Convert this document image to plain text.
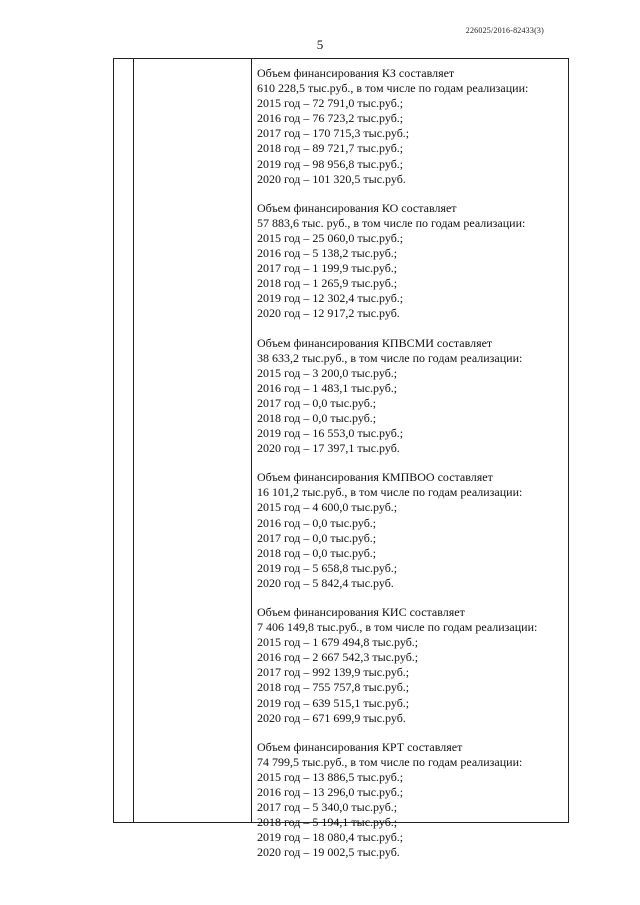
226025/2016-82433(3)
5
Объем финансирования КЗ составляет
610 228,5 тыс.руб., в том числе по годам реализации:
2015 год – 72 791,0 тыс.руб.;
2016 год – 76 723,2 тыс.руб.;
2017 год – 170 715,3 тыс.руб.;
2018 год – 89 721,7 тыс.руб.;
2019 год – 98 956,8 тыс.руб.;
2020 год – 101 320,5 тыс.руб.
Объем финансирования КО составляет
57 883,6 тыс. руб., в том числе по годам реализации:
2015 год – 25 060,0 тыс.руб.;
2016 год – 5 138,2 тыс.руб.;
2017 год – 1 199,9 тыс.руб.;
2018 год – 1 265,9 тыс.руб.;
2019 год – 12 302,4 тыс.руб.;
2020 год – 12 917,2 тыс.руб.
Объем финансирования КПВСМИ составляет
38 633,2 тыс.руб., в том числе по годам реализации:
2015 год – 3 200,0 тыс.руб.;
2016 год – 1 483,1 тыс.руб.;
2017 год – 0,0 тыс.руб.;
2018 год – 0,0 тыс.руб.;
2019 год – 16 553,0 тыс.руб.;
2020 год – 17 397,1 тыс.руб.
Объем финансирования КМПВОО составляет
16 101,2 тыс.руб., в том числе по годам реализации:
2015 год – 4 600,0 тыс.руб.;
2016 год – 0,0 тыс.руб.;
2017 год – 0,0 тыс.руб.;
2018 год – 0,0 тыс.руб.;
2019 год – 5 658,8 тыс.руб.;
2020 год – 5 842,4 тыс.руб.
Объем финансирования КИС составляет
7 406 149,8 тыс.руб., в том числе по годам реализации:
2015 год – 1 679 494,8 тыс.руб.;
2016 год – 2 667 542,3 тыс.руб.;
2017 год – 992 139,9 тыс.руб.;
2018 год – 755 757,8 тыс.руб.;
2019 год – 639 515,1 тыс.руб.;
2020 год – 671 699,9 тыс.руб.
Объем финансирования КРТ составляет
74 799,5 тыс.руб., в том числе по годам реализации:
2015 год – 13 886,5 тыс.руб.;
2016 год – 13 296,0 тыс.руб.;
2017 год – 5 340,0 тыс.руб.;
2018 год – 5 194,1 тыс.руб.;
2019 год – 18 080,4 тыс.руб.;
2020 год – 19 002,5 тыс.руб.
